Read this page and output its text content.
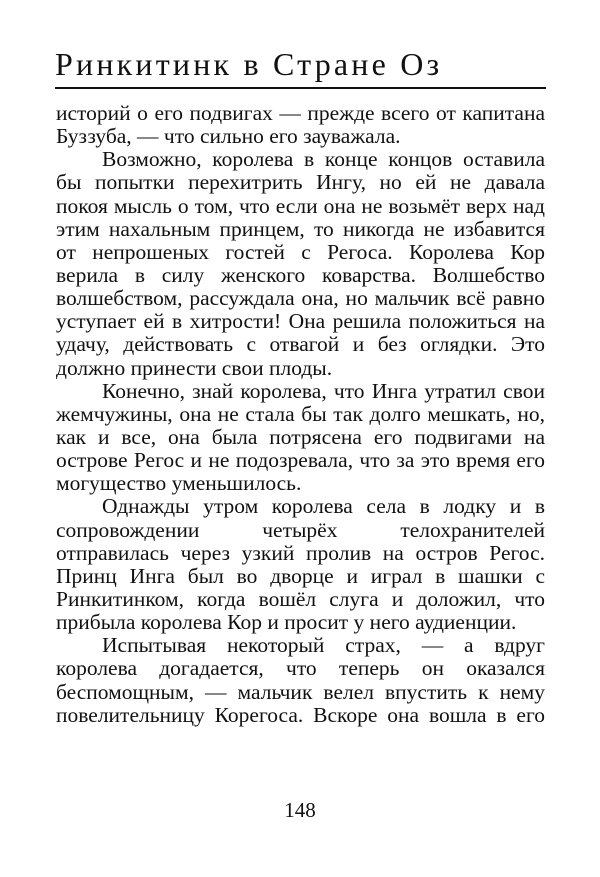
Ринкитинк в Стране Оз
историй о его подвигах — прежде всего от капитана
Буззуба, — что сильно его зауважала.
Возможно, королева в конце концов оставила
бы попытки перехитрить Ингу, но ей не давала
покоя мысль о том, что если она не возьмёт верх над
этим нахальным принцем, то никогда не избавится
от непрошеных гостей с Регоса. Королева Кор
верила в силу женского коварства. Волшебство
волшебством, рассуждала она, но мальчик всё равно
уступает ей в хитрости! Она решила положиться на
удачу, действовать с отвагой и без оглядки. Это
должно принести свои плоды.
Конечно, знай королева, что Инга утратил свои
жемчужины, она не стала бы так долго мешкать, но,
как и все, она была потрясена его подвигами на
острове Регос и не подозревала, что за это время его
могущество уменьшилось.
Однажды утром королева села в лодку и в
сопровождении четырёх телохранителей
отправилась через узкий пролив на остров Регос.
Принц Инга был во дворце и играл в шашки с
Ринкитинком, когда вошёл слуга и доложил, что
прибыла королева Кор и просит у него аудиенции.
Испытывая некоторый страх, — а вдруг
королева догадается, что теперь он оказался
беспомощным, — мальчик велел впустить к нему
повелительницу Корегоса. Вскоре она вошла в его
148
